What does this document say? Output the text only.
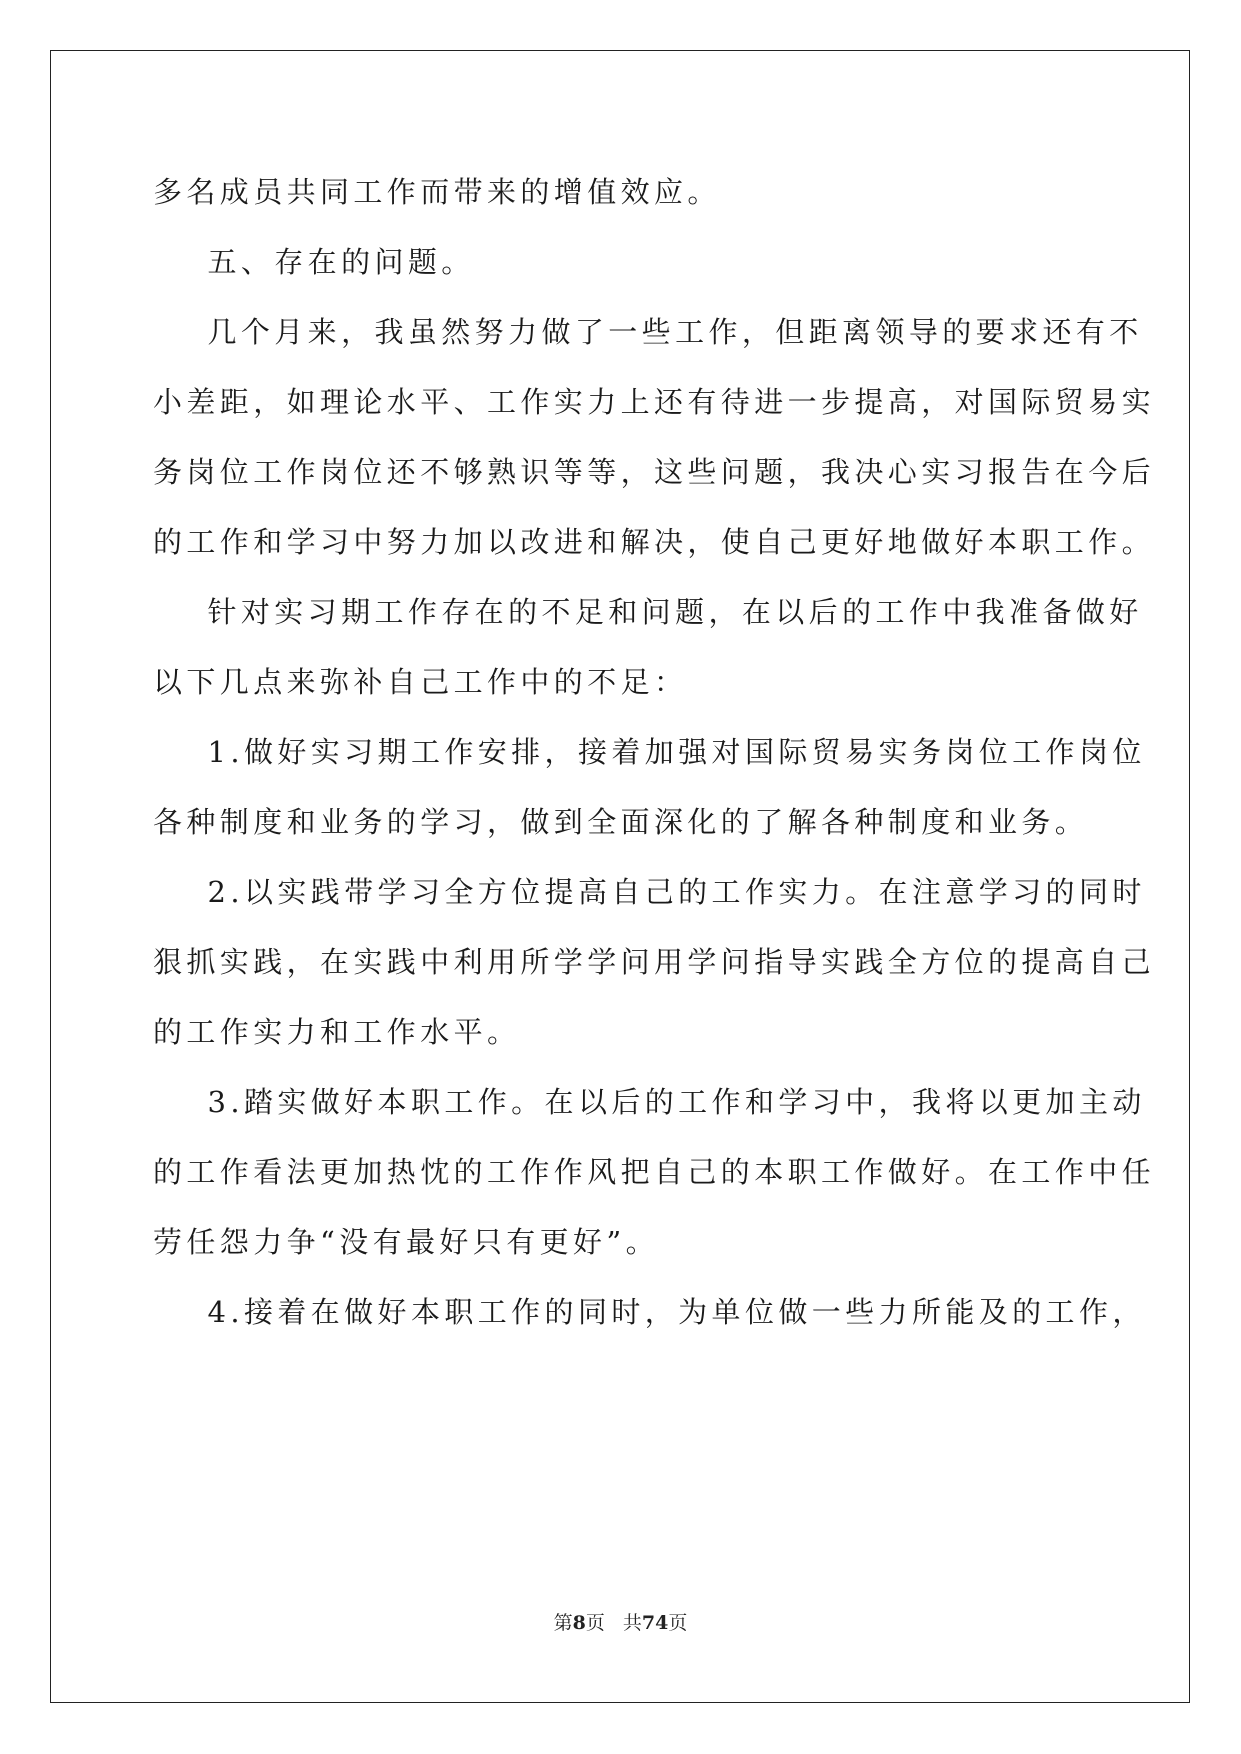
多名成员共同工作而带来的增值效应。
五、存在的问题。
几个月来，我虽然努力做了一些工作，但距离领导的要求还有不
小差距，如理论水平、工作实力上还有待进一步提高，对国际贸易实
务岗位工作岗位还不够熟识等等，这些问题，我决心实习报告在今后
的工作和学习中努力加以改进和解决，使自己更好地做好本职工作。
针对实习期工作存在的不足和问题，在以后的工作中我准备做好
以下几点来弥补自己工作中的不足：
1.做好实习期工作安排，接着加强对国际贸易实务岗位工作岗位
各种制度和业务的学习，做到全面深化的了解各种制度和业务。
2.以实践带学习全方位提高自己的工作实力。在注意学习的同时
狠抓实践，在实践中利用所学学问用学问指导实践全方位的提高自己
的工作实力和工作水平。
3.踏实做好本职工作。在以后的工作和学习中，我将以更加主动
的工作看法更加热忱的工作作风把自己的本职工作做好。在工作中任
劳任怨力争“没有最好只有更好”。
4.接着在做好本职工作的同时，为单位做一些力所能及的工作，
第8页 共74页
